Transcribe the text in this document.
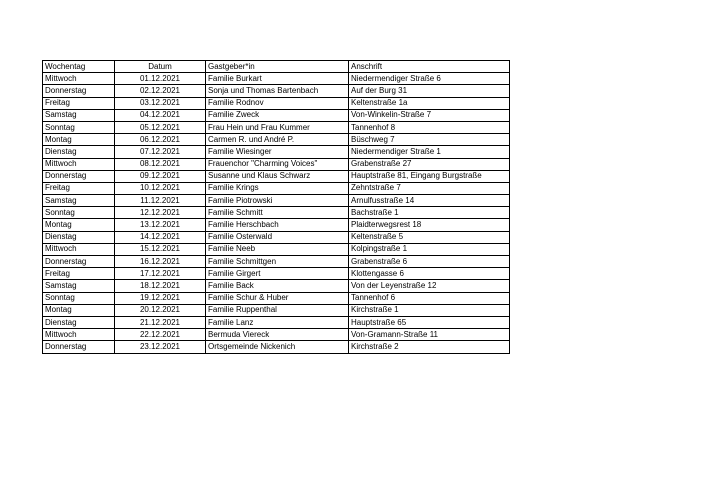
Wochentag	Datum	Gastgeber*in	Anschrift
Mittwoch	01.12.2021	Familie Burkart	Niedermendiger Straße 6
Donnerstag	02.12.2021	Sonja und Thomas Bartenbach	Auf der Burg 31
Freitag	03.12.2021	Familie Rodnov	Keltenstraße 1a
Samstag	04.12.2021	Familie Zweck	Von-Winkelin-Straße 7
Sonntag	05.12.2021	Frau Hein und Frau Kummer	Tannenhof 8
Montag	06.12.2021	Carmen R. und André P.	Büschweg 7
Dienstag	07.12.2021	Familie Wiesinger	Niedermendiger Straße 1
Mittwoch	08.12.2021	Frauenchor "Charming Voices"	Grabenstraße 27
Donnerstag	09.12.2021	Susanne und Klaus Schwarz	Hauptstraße 81, Eingang Burgstraße
Freitag	10.12.2021	Familie Krings	Zehntstraße 7
Samstag	11.12.2021	Familie Piotrowski	Arnulfusstraße 14
Sonntag	12.12.2021	Familie Schmitt	Bachstraße 1
Montag	13.12.2021	Familie Herschbach	Plaidterwegsrest 18
Dienstag	14.12.2021	Familie Osterwald	Keltenstraße 5
Mittwoch	15.12.2021	Familie Neeb	Kolpingstraße 1
Donnerstag	16.12.2021	Familie Schmittgen	Grabenstraße 6
Freitag	17.12.2021	Familie Girgert	Klottengasse 6
Samstag	18.12.2021	Familie Back	Von der Leyenstraße 12
Sonntag	19.12.2021	Familie Schur & Huber	Tannenhof 6
Montag	20.12.2021	Familie Ruppenthal	Kirchstraße 1
Dienstag	21.12.2021	Familie Lanz	Hauptstraße 65
Mittwoch	22.12.2021	Bermuda Viereck	Von-Gramann-Straße 11
Donnerstag	23.12.2021	Ortsgemeinde Nickenich	Kirchstraße 2
